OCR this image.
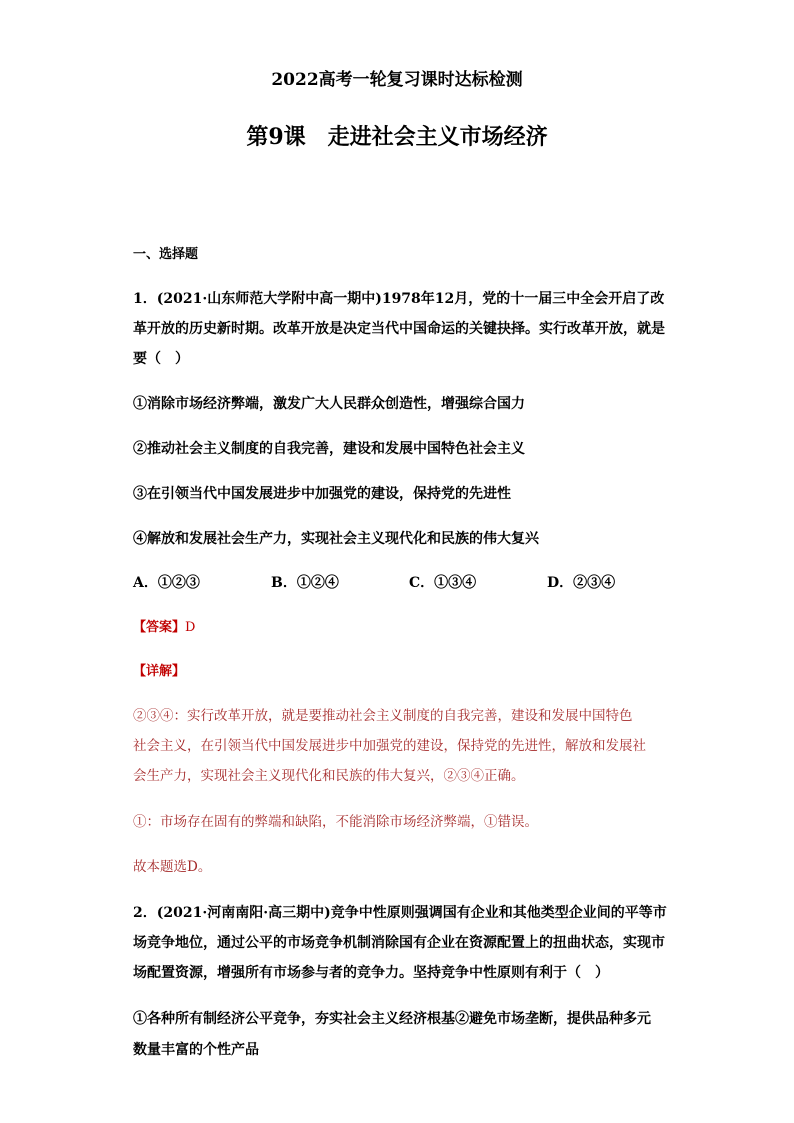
2022高考一轮复习课时达标检测
第9课　走进社会主义市场经济
一、选择题
1．(2021·山东师范大学附中高一期中)1978年12月，党的十一届三中全会开启了改
革开放的历史新时期。改革开放是决定当代中国命运的关键抉择。实行改革开放，就是
要（　）
①消除市场经济弊端，激发广大人民群众创造性，增强综合国力
②推动社会主义制度的自我完善，建设和发展中国特色社会主义
③在引领当代中国发展进步中加强党的建设，保持党的先进性
④解放和发展社会生产力，实现社会主义现代化和民族的伟大复兴
A．①②③	B．①②④	C．①③④	D．②③④
【答案】D
【详解】
②③④：实行改革开放，就是要推动社会主义制度的自我完善，建设和发展中国特色
社会主义，在引领当代中国发展进步中加强党的建设，保持党的先进性，解放和发展社
会生产力，实现社会主义现代化和民族的伟大复兴，②③④正确。
①：市场存在固有的弊端和缺陷，不能消除市场经济弊端，①错误。
故本题选D。
2．(2021·河南南阳·高三期中)竞争中性原则强调国有企业和其他类型企业间的平等市
场竞争地位，通过公平的市场竞争机制消除国有企业在资源配置上的扭曲状态，实现市
场配置资源，增强所有市场参与者的竞争力。坚持竞争中性原则有利于（　）
①各种所有制经济公平竞争，夯实社会主义经济根基②避免市场垄断，提供品种多元
数量丰富的个性产品
